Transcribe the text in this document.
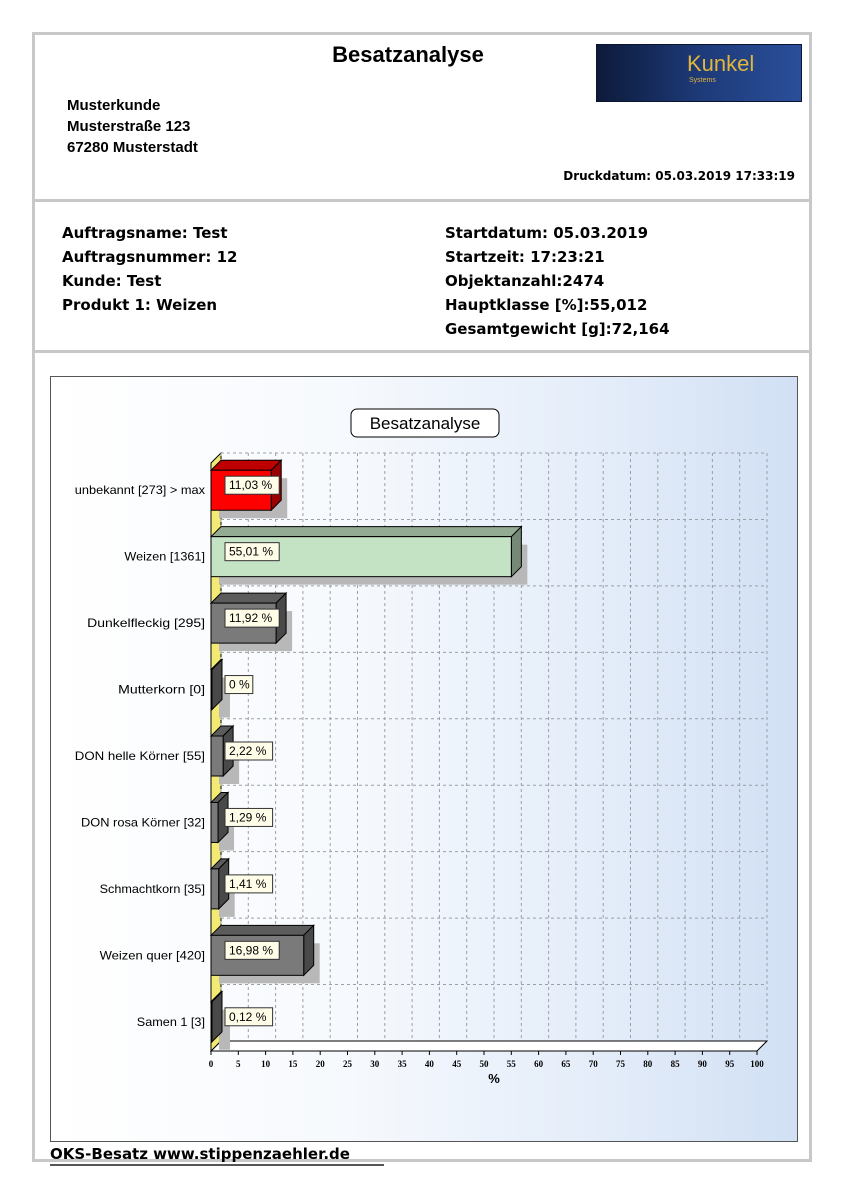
Besatzanalyse	Kunkel
Systems
Musterkunde
Musterstraße 123
67280 Musterstadt
Druckdatum: 05.03.2019 17:33:19
Auftragsname: Test
Auftragsnummer: 12
Kunde: Test
Produkt 1: Weizen
Startdatum: 05.03.2019
Startzeit: 17:23:21
Objektanzahl:2474
Hauptklasse [%]:55,012
Gesamtgewicht [g]:72,164
Besatzanalyse
0	5 10 15 20 25 30 35 40 45 50 55 60 65 70 75 80 85 90 95 100
%
11,03 %
unbekannt [273] > max
55,01 %
Weizen [1361]
11,92 %
Dunkelfleckig [295]
0 %
Mutterkorn [0]
2,22 %
DON helle Körner [55]
1,29 %
DON rosa Körner [32]
1,41 %
Schmachtkorn [35]
16,98 %
Weizen quer [420]
0,12 %
Samen 1 [3]
OKS-Besatz www.stippenzaehler.de
